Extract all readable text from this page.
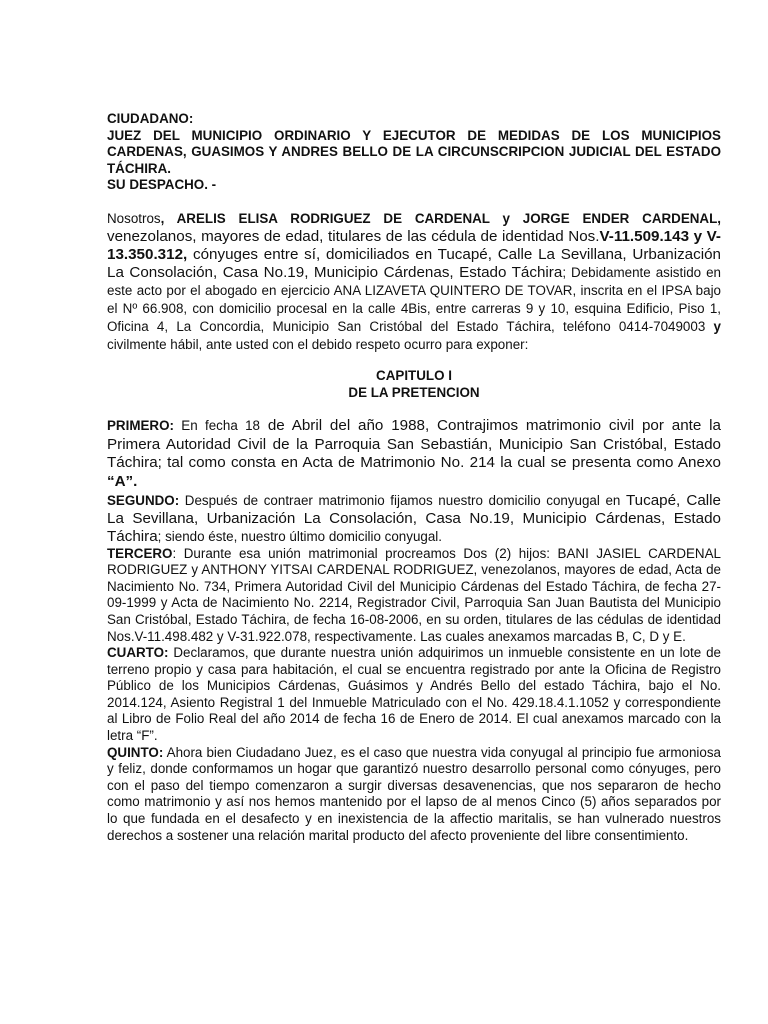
CIUDADANO:

JUEZ DEL MUNICIPIO ORDINARIO Y EJECUTOR DE MEDIDAS DE LOS MUNICIPIOS CARDENAS, GUASIMOS Y ANDRES BELLO DE LA CIRCUNSCRIPCION JUDICIAL DEL ESTADO TÁCHIRA.

SU DESPACHO. -

Nosotros, ARELIS ELISA RODRIGUEZ DE CARDENAL y JORGE ENDER CARDENAL, venezolanos, mayores de edad, titulares de las cédula de identidad Nos.V-11.509.143 y V-13.350.312, cónyuges entre sí, domiciliados en Tucapé, Calle La Sevillana, Urbanización La Consolación, Casa No.19, Municipio Cárdenas, Estado Táchira; Debidamente asistido en este acto por el abogado en ejercicio ANA LIZAVETA QUINTERO DE TOVAR, inscrita en el IPSA bajo el Nº 66.908, con domicilio procesal en la calle 4Bis, entre carreras 9 y 10, esquina Edificio, Piso 1, Oficina 4, La Concordia, Municipio San Cristóbal del Estado Táchira, teléfono 0414-7049003 y civilmente hábil, ante usted con el debido respeto ocurro para exponer:

CAPITULO I

DE LA PRETENCION

PRIMERO: En fecha 18 de Abril del año 1988, Contrajimos matrimonio civil por ante la Primera Autoridad Civil de la Parroquia San Sebastián, Municipio San Cristóbal, Estado Táchira; tal como consta en Acta de Matrimonio No. 214 la cual se presenta como Anexo “A”.

SEGUNDO: Después de contraer matrimonio fijamos nuestro domicilio conyugal en Tucapé, Calle La Sevillana, Urbanización La Consolación, Casa No.19, Municipio Cárdenas, Estado Táchira; siendo éste, nuestro último domicilio conyugal.

TERCERO: Durante esa unión matrimonial procreamos Dos (2) hijos: BANI JASIEL CARDENAL RODRIGUEZ y ANTHONY YITSAI CARDENAL RODRIGUEZ, venezolanos, mayores de edad, Acta de Nacimiento No. 734, Primera Autoridad Civil del Municipio Cárdenas del Estado Táchira, de fecha 27-09-1999 y Acta de Nacimiento No. 2214, Registrador Civil, Parroquia San Juan Bautista del Municipio San Cristóbal, Estado Táchira, de fecha 16-08-2006, en su orden, titulares de las cédulas de identidad Nos.V-11.498.482 y V-31.922.078, respectivamente. Las cuales anexamos marcadas B, C, D y E.

CUARTO: Declaramos, que durante nuestra unión adquirimos un inmueble consistente en un lote de terreno propio y casa para habitación, el cual se encuentra registrado por ante la Oficina de Registro Público de los Municipios Cárdenas, Guásimos y Andrés Bello del estado Táchira, bajo el No. 2014.124, Asiento Registral 1 del Inmueble Matriculado con el No. 429.18.4.1.1052 y correspondiente al Libro de Folio Real del año 2014 de fecha 16 de Enero de 2014. El cual anexamos marcado con la letra “F”.

QUINTO: Ahora bien Ciudadano Juez, es el caso que nuestra vida conyugal al principio fue armoniosa y feliz, donde conformamos un hogar que garantizó nuestro desarrollo personal como cónyuges, pero con el paso del tiempo comenzaron a surgir diversas desavenencias, que nos separaron de hecho como matrimonio y así nos hemos mantenido por el lapso de al menos Cinco (5) años separados por lo que fundada en el desafecto y en inexistencia de la affectio maritalis, se han vulnerado nuestros derechos a sostener una relación marital producto del afecto proveniente del libre consentimiento.
